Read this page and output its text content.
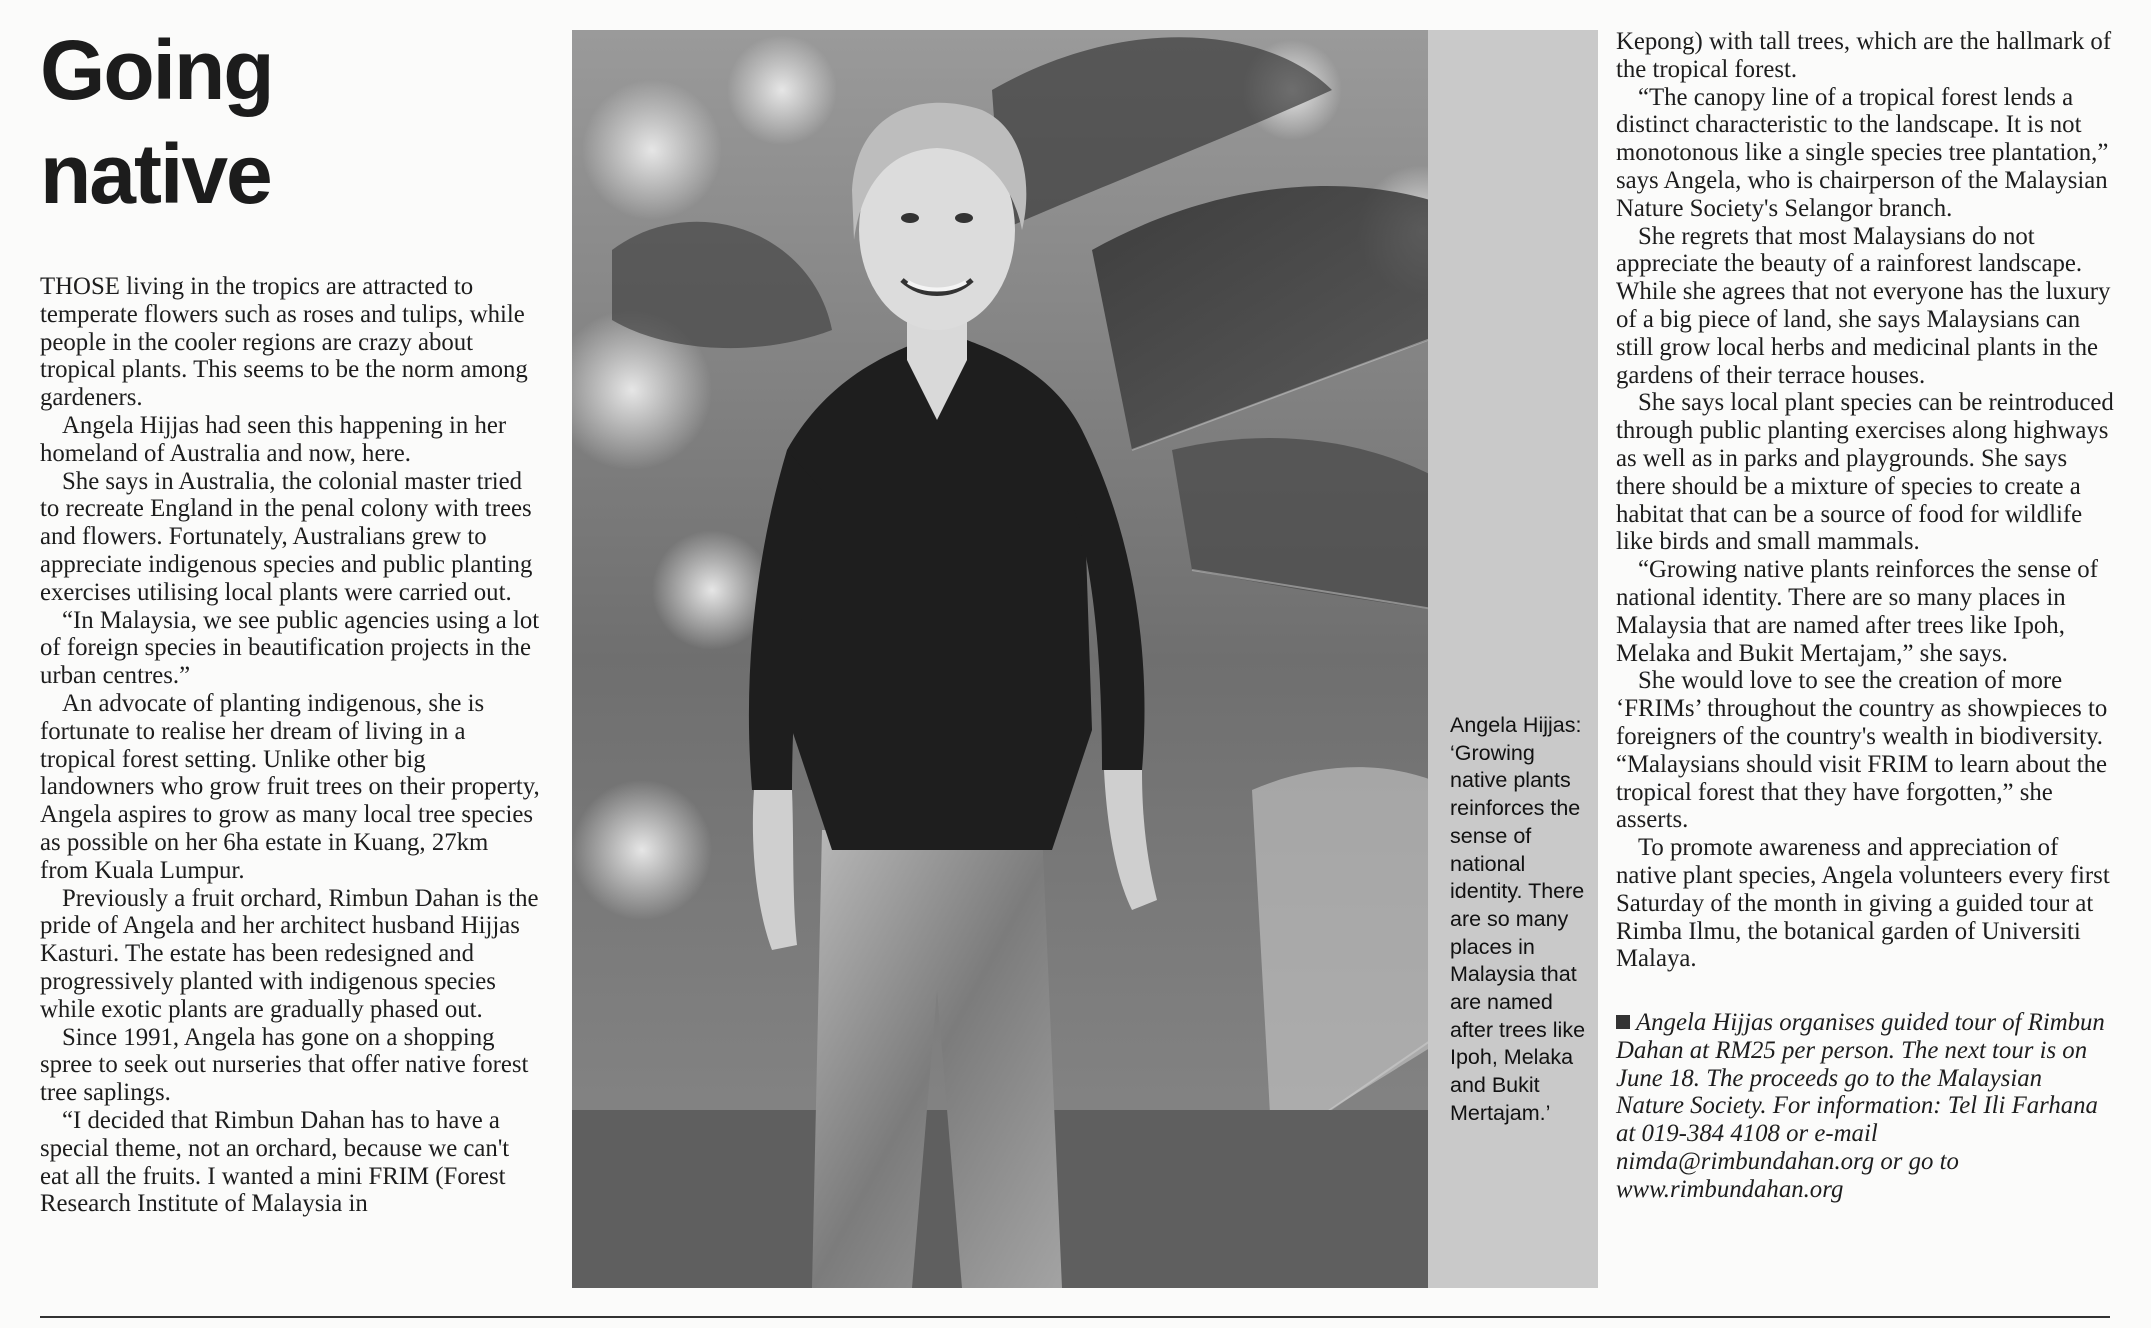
Going
native

THOSE living in the tropics are attracted to temperate flowers such as roses and tulips, while people in the cooler regions are crazy about tropical plants. This seems to be the norm among gardeners.

Angela Hijjas had seen this happening in her homeland of Australia and now, here.

She says in Australia, the colonial master tried to recreate England in the penal colony with trees and flowers. Fortunately, Australians grew to appreciate indigenous species and public planting exercises utilising local plants were carried out.

“In Malaysia, we see public agencies using a lot of foreign species in beautification projects in the urban centres.”

An advocate of planting indigenous, she is fortunate to realise her dream of living in a tropical forest setting. Unlike other big landowners who grow fruit trees on their property, Angela aspires to grow as many local tree species as possible on her 6ha estate in Kuang, 27km from Kuala Lumpur.

Previously a fruit orchard, Rimbun Dahan is the pride of Angela and her architect husband Hijjas Kasturi. The estate has been redesigned and progressively planted with indigenous species while exotic plants are gradually phased out.

Since 1991, Angela has gone on a shopping spree to seek out nurseries that offer native forest tree saplings.

“I decided that Rimbun Dahan has to have a special theme, not an orchard, because we can't eat all the fruits. I wanted a mini FRIM (Forest Research Institute of Malaysia in

Angela Hijjas: ‘Growing native plants reinforces the sense of national identity. There are so many places in Malaysia that are named after trees like Ipoh, Melaka and Bukit Mertajam.’

Kepong) with tall trees, which are the hallmark of the tropical forest.

“The canopy line of a tropical forest lends a distinct characteristic to the landscape. It is not monotonous like a single species tree plantation,” says Angela, who is chairperson of the Malaysian Nature Society's Selangor branch.

She regrets that most Malaysians do not appreciate the beauty of a rainforest landscape. While she agrees that not everyone has the luxury of a big piece of land, she says Malaysians can still grow local herbs and medicinal plants in the gardens of their terrace houses.

She says local plant species can be reintroduced through public planting exercises along highways as well as in parks and playgrounds. She says there should be a mixture of species to create a habitat that can be a source of food for wildlife like birds and small mammals.

“Growing native plants reinforces the sense of national identity. There are so many places in Malaysia that are named after trees like Ipoh, Melaka and Bukit Mertajam,” she says.

She would love to see the creation of more ‘FRIMs’ throughout the country as showpieces to foreigners of the country's wealth in biodiversity. “Malaysians should visit FRIM to learn about the tropical forest that they have forgotten,” she asserts.

To promote awareness and appreciation of native plant species, Angela volunteers every first Saturday of the month in giving a guided tour at Rimba Ilmu, the botanical garden of Universiti Malaya.

Angela Hijjas organises guided tour of Rimbun Dahan at RM25 per person. The next tour is on June 18. The proceeds go to the Malaysian Nature Society. For information: Tel Ili Farhana at 019-384 4108 or e-mail nimda@rimbundahan.org or go to www.rimbundahan.org
